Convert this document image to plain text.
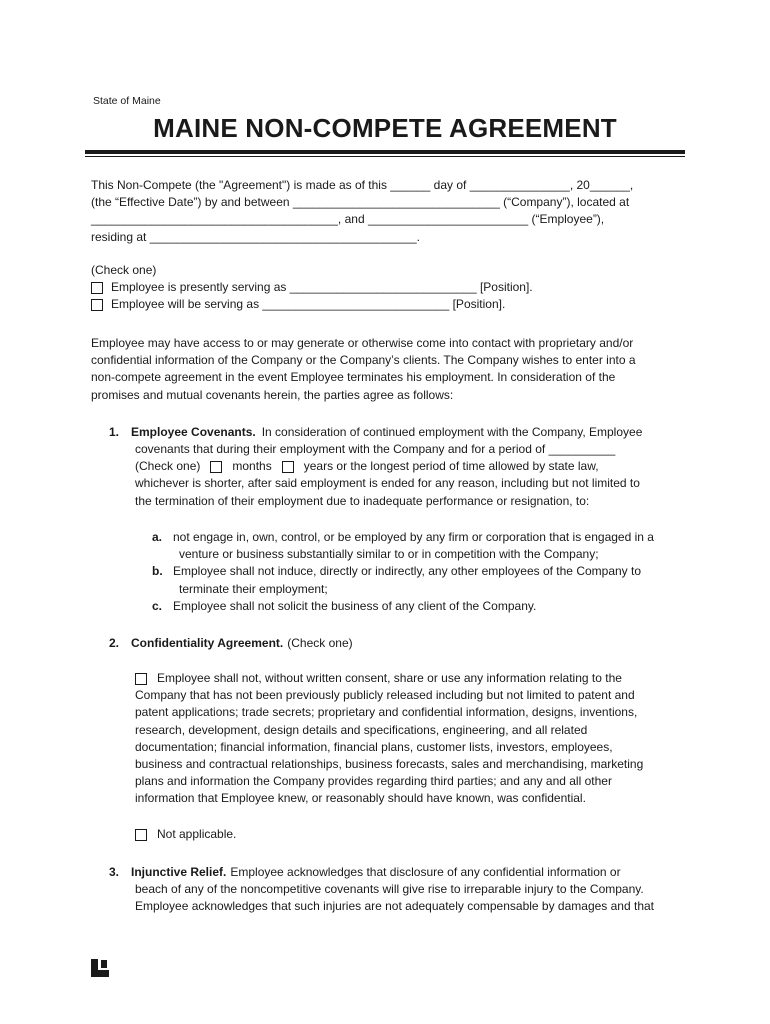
State of Maine
MAINE NON-COMPETE AGREEMENT
This Non-Compete (the "Agreement") is made as of this ______ day of _______________, 20______,
(the “Effective Date”) by and between _______________________________ (“Company”), located at
_____________________________________, and ________________________ (“Employee”),
residing at ________________________________________.
(Check one)
Employee is presently serving as ____________________________ [Position].
Employee will be serving as ____________________________ [Position].
Employee may have access to or may generate or otherwise come into contact with proprietary and/or
confidential information of the Company or the Company’s clients. The Company wishes to enter into a
non-compete agreement in the event Employee terminates his employment. In consideration of the
promises and mutual covenants herein, the parties agree as follows:
1. Employee Covenants. In consideration of continued employment with the Company, Employee
covenants that during their employment with the Company and for a period of __________
(Check one)	months	years or the longest period of time allowed by state law,
whichever is shorter, after said employment is ended for any reason, including but not limited to
the termination of their employment due to inadequate performance or resignation, to:
a. not engage in, own, control, or be employed by any firm or corporation that is engaged in a
venture or business substantially similar to or in competition with the Company;
b. Employee shall not induce, directly or indirectly, any other employees of the Company to
terminate their employment;
c. Employee shall not solicit the business of any client of the Company.
2. Confidentiality Agreement. (Check one)
Employee shall not, without written consent, share or use any information relating to the
Company that has not been previously publicly released including but not limited to patent and
patent applications; trade secrets; proprietary and confidential information, designs, inventions,
research, development, design details and specifications, engineering, and all related
documentation; financial information, financial plans, customer lists, investors, employees,
business and contractual relationships, business forecasts, sales and merchandising, marketing
plans and information the Company provides regarding third parties; and any and all other
information that Employee knew, or reasonably should have known, was confidential.
Not applicable.
3. Injunctive Relief. Employee acknowledges that disclosure of any confidential information or
beach of any of the noncompetitive covenants will give rise to irreparable injury to the Company.
Employee acknowledges that such injuries are not adequately compensable by damages and that
